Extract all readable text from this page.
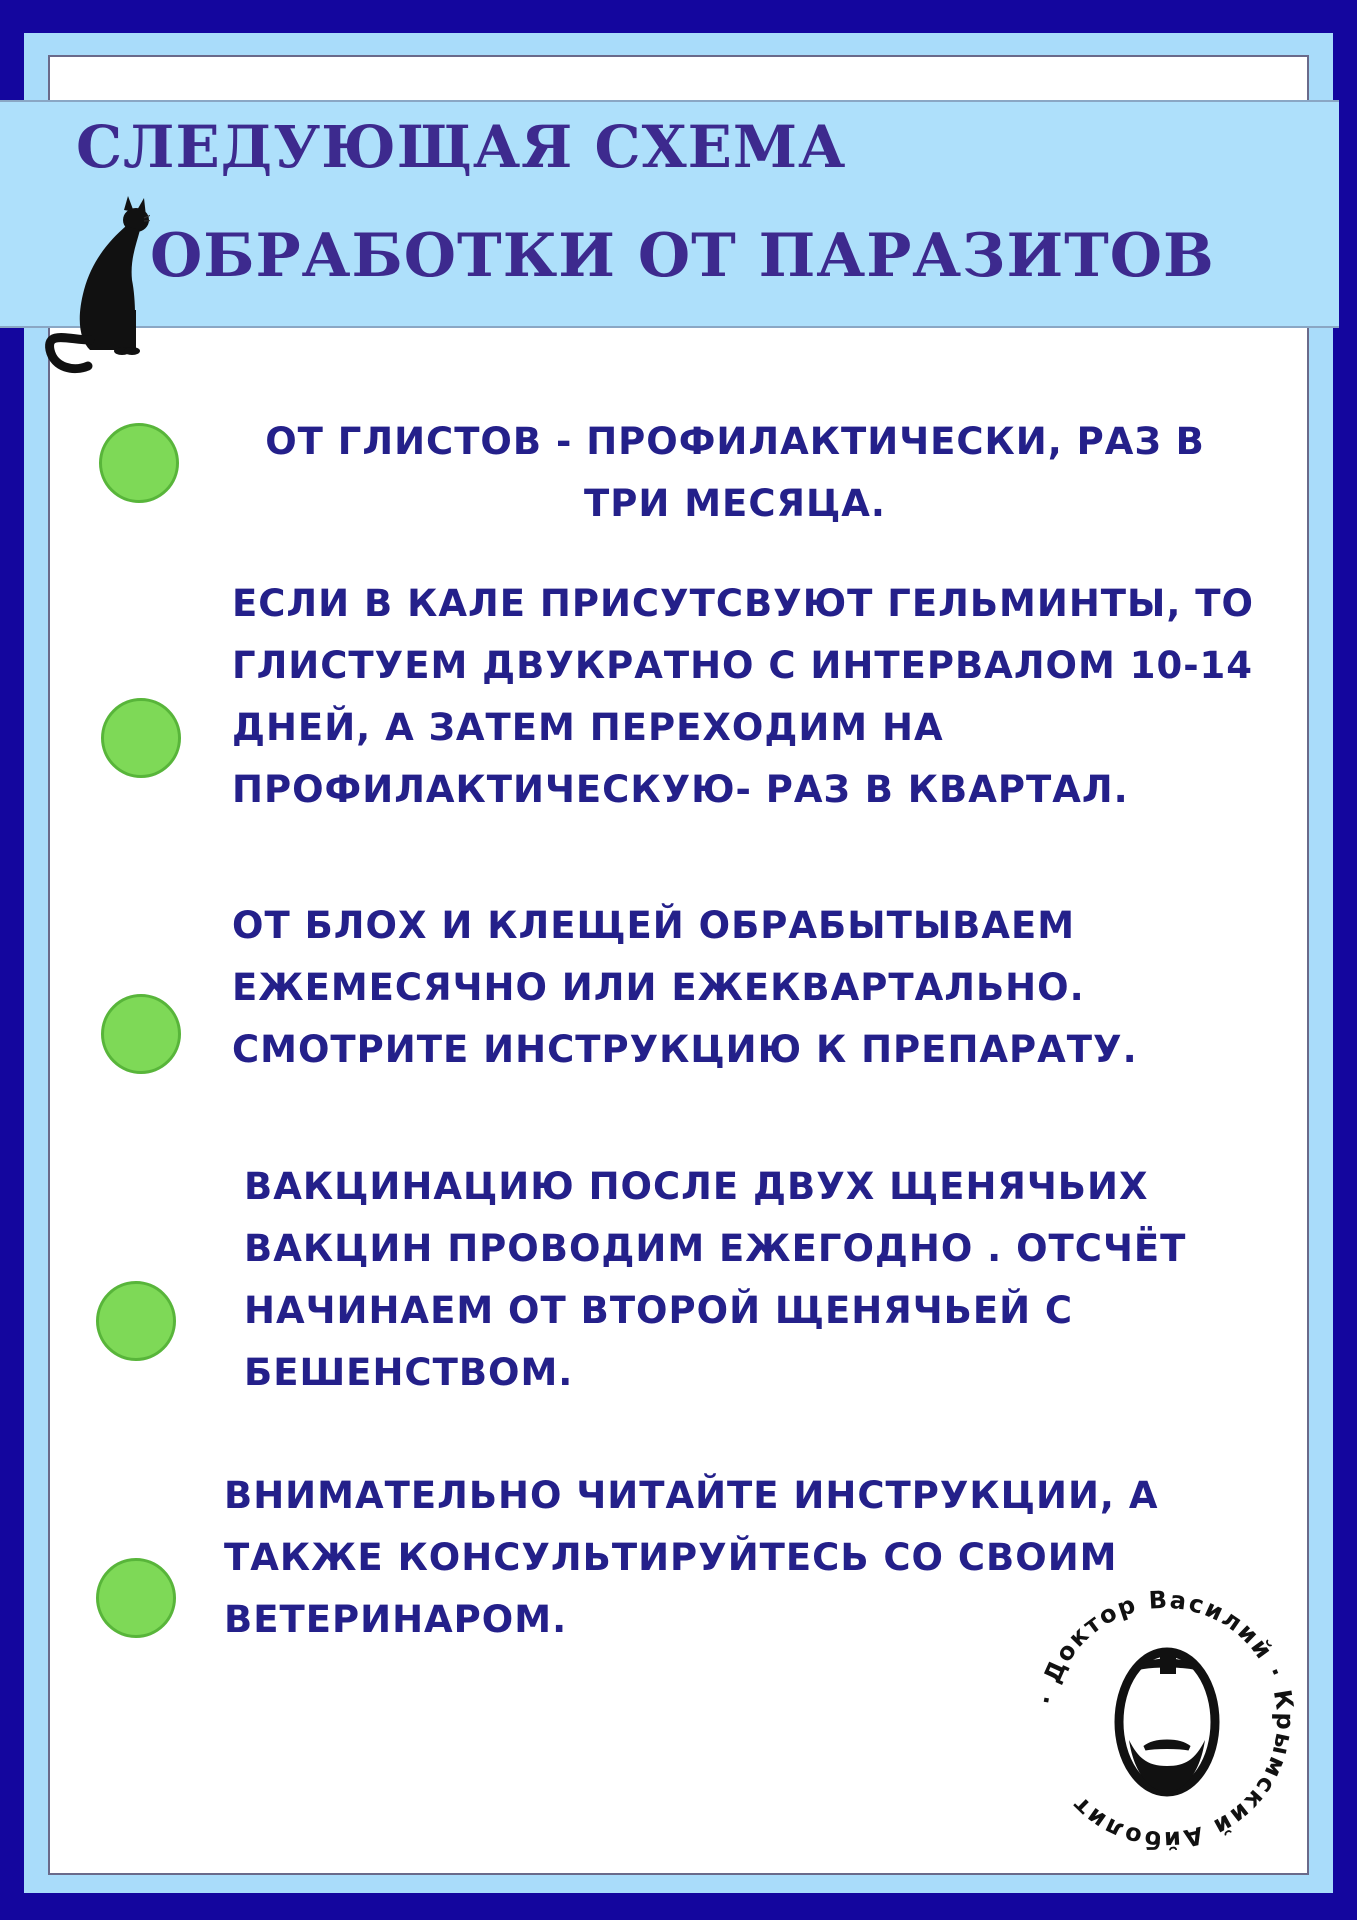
СЛЕДУЮЩАЯ СХЕМА
ОБРАБОТКИ ОТ ПАРАЗИТОВ

ОТ ГЛИСТОВ - ПРОФИЛАКТИЧЕСКИ, РАЗ В ТРИ МЕСЯЦА.

ЕСЛИ В КАЛЕ ПРИСУТСВУЮТ ГЕЛЬМИНТЫ, ТО ГЛИСТУЕМ ДВУКРАТНО С ИНТЕРВАЛОМ 10-14 ДНЕЙ, А ЗАТЕМ ПЕРЕХОДИМ НА ПРОФИЛАКТИЧЕСКУЮ- РАЗ В КВАРТАЛ.

ОТ БЛОХ И КЛЕЩЕЙ ОБРАБЫТЫВАЕМ ЕЖЕМЕСЯЧНО ИЛИ ЕЖЕКВАРТАЛЬНО. СМОТРИТЕ ИНСТРУКЦИЮ К ПРЕПАРАТУ.

ВАКЦИНАЦИЮ ПОСЛЕ ДВУХ ЩЕНЯЧЬИХ ВАКЦИН ПРОВОДИМ ЕЖЕГОДНО . ОТСЧЁТ НАЧИНАЕМ ОТ ВТОРОЙ ЩЕНЯЧЬЕЙ С БЕШЕНСТВОМ.

ВНИМАТЕЛЬНО ЧИТАЙТЕ ИНСТРУКЦИИ, А ТАКЖЕ КОНСУЛЬТИРУЙТЕСЬ СО СВОИМ ВЕТЕРИНАРОМ.

· Доктор Василий · Крымский Айболит
